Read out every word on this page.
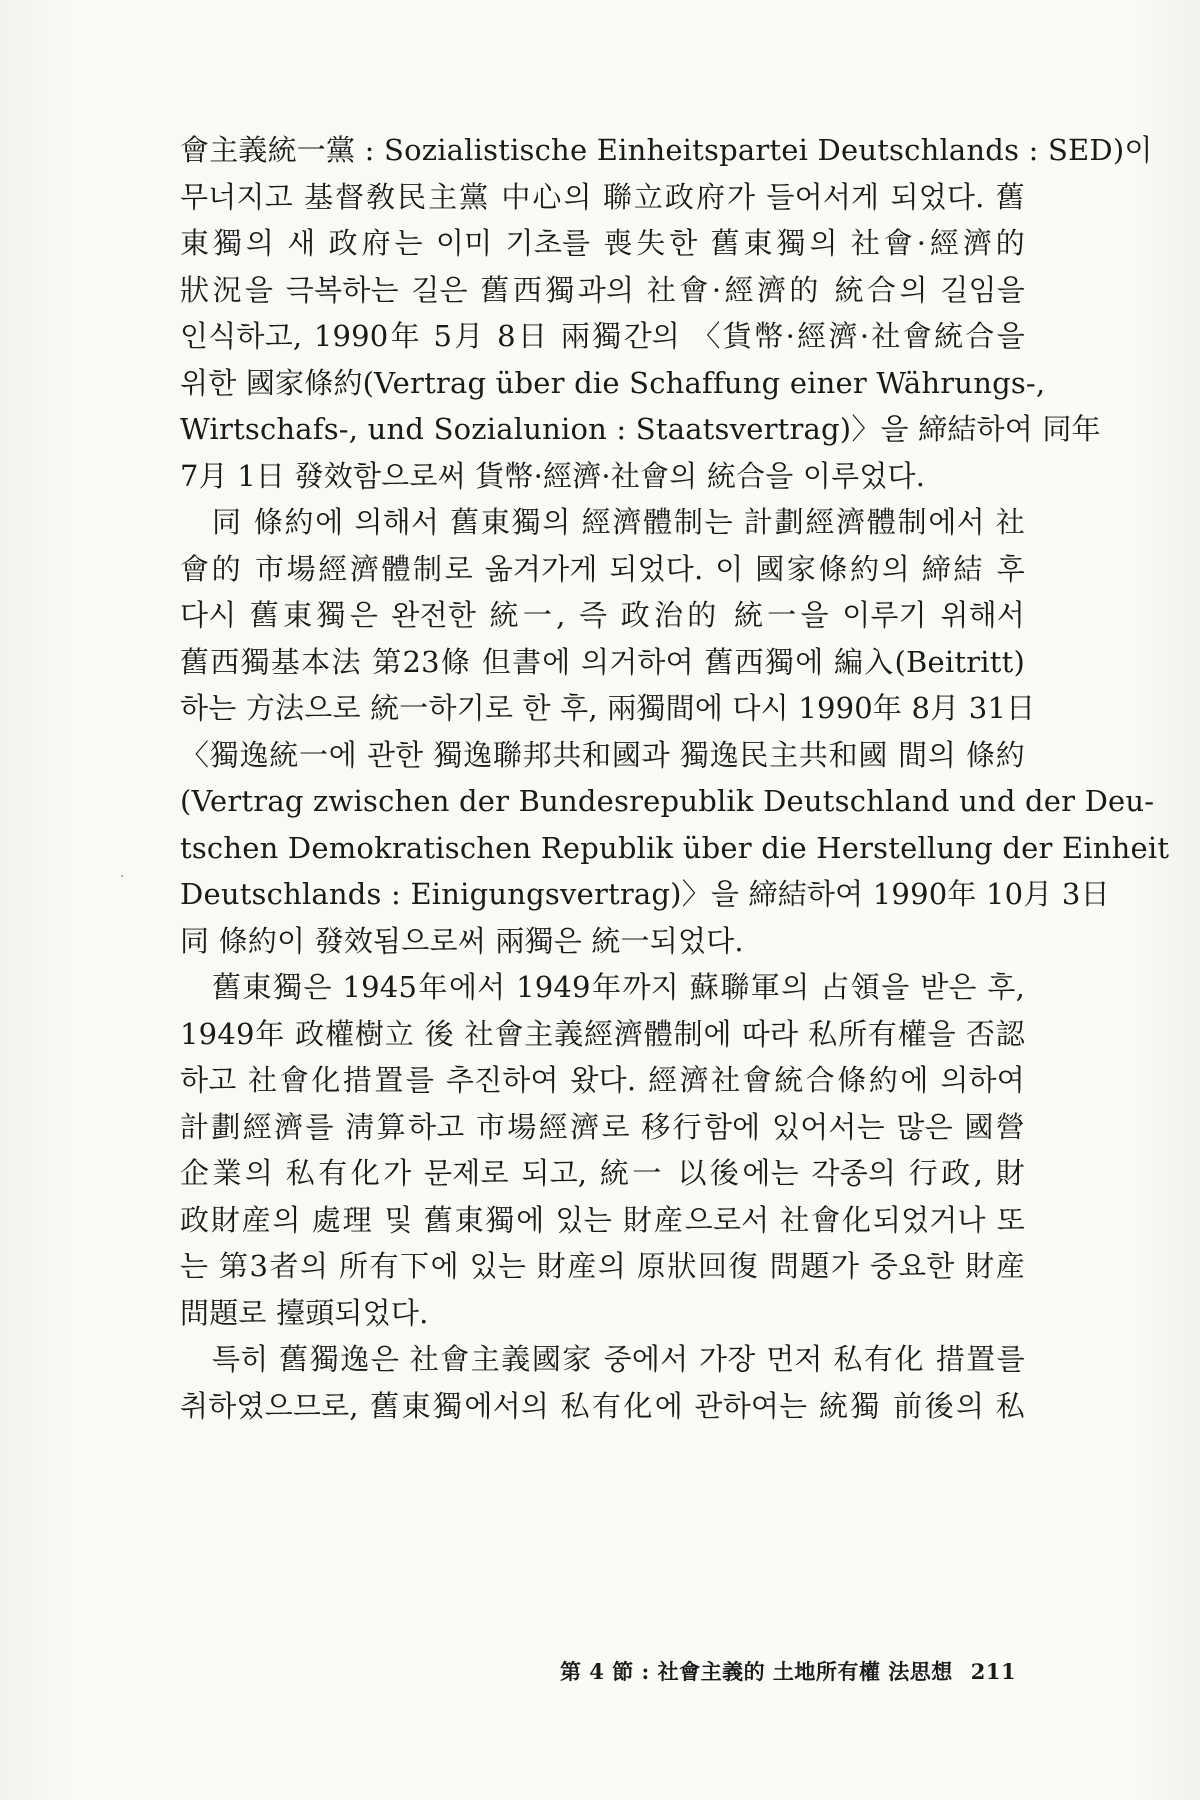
會主義統一黨 : Sozialistische Einheitspartei Deutschlands : SED)이
무너지고 基督敎民主黨 中心의 聯立政府가 들어서게 되었다. 舊
東獨의 새 政府는 이미 기초를 喪失한 舊東獨의 社會·經濟的
狀況을 극복하는 길은 舊西獨과의 社會·經濟的 統合의 길임을
인식하고, 1990年 5月 8日 兩獨간의 〈貨幣·經濟·社會統合을
위한 國家條約(Vertrag über die Schaffung einer Währungs-,
Wirtschafs-, und Sozialunion : Staatsvertrag)〉을 締結하여 同年
7月 1日 發效함으로써 貨幣·經濟·社會의 統合을 이루었다.
同 條約에 의해서 舊東獨의 經濟體制는 計劃經濟體制에서 社
會的 市場經濟體制로 옮겨가게 되었다. 이 國家條約의 締結 후
다시 舊東獨은 완전한 統一, 즉 政治的 統一을 이루기 위해서
舊西獨基本法 第23條 但書에 의거하여 舊西獨에 編入(Beitritt)
하는 方法으로 統一하기로 한 후, 兩獨間에 다시 1990年 8月 31日
〈獨逸統一에 관한 獨逸聯邦共和國과 獨逸民主共和國 間의 條約
(Vertrag zwischen der Bundesrepublik Deutschland und der Deu-
tschen Demokratischen Republik über die Herstellung der Einheit
Deutschlands : Einigungsvertrag)〉을 締結하여 1990年 10月 3日
同 條約이 發效됨으로써 兩獨은 統一되었다.
舊東獨은 1945年에서 1949年까지 蘇聯軍의 占領을 받은 후,
1949年 政權樹立 後 社會主義經濟體制에 따라 私所有權을 否認
하고 社會化措置를 추진하여 왔다. 經濟社會統合條約에 의하여
計劃經濟를 淸算하고 市場經濟로 移行함에 있어서는 많은 國營
企業의 私有化가 문제로 되고, 統一 以後에는 각종의 行政, 財
政財産의 處理 및 舊東獨에 있는 財産으로서 社會化되었거나 또
는 第3者의 所有下에 있는 財産의 原狀回復 問題가 중요한 財産
問題로 擡頭되었다.
특히 舊獨逸은 社會主義國家 중에서 가장 먼저 私有化 措置를
취하였으므로, 舊東獨에서의 私有化에 관하여는 統獨 前後의 私
第 4 節 : 社會主義的 土地所有權 法思想 211
